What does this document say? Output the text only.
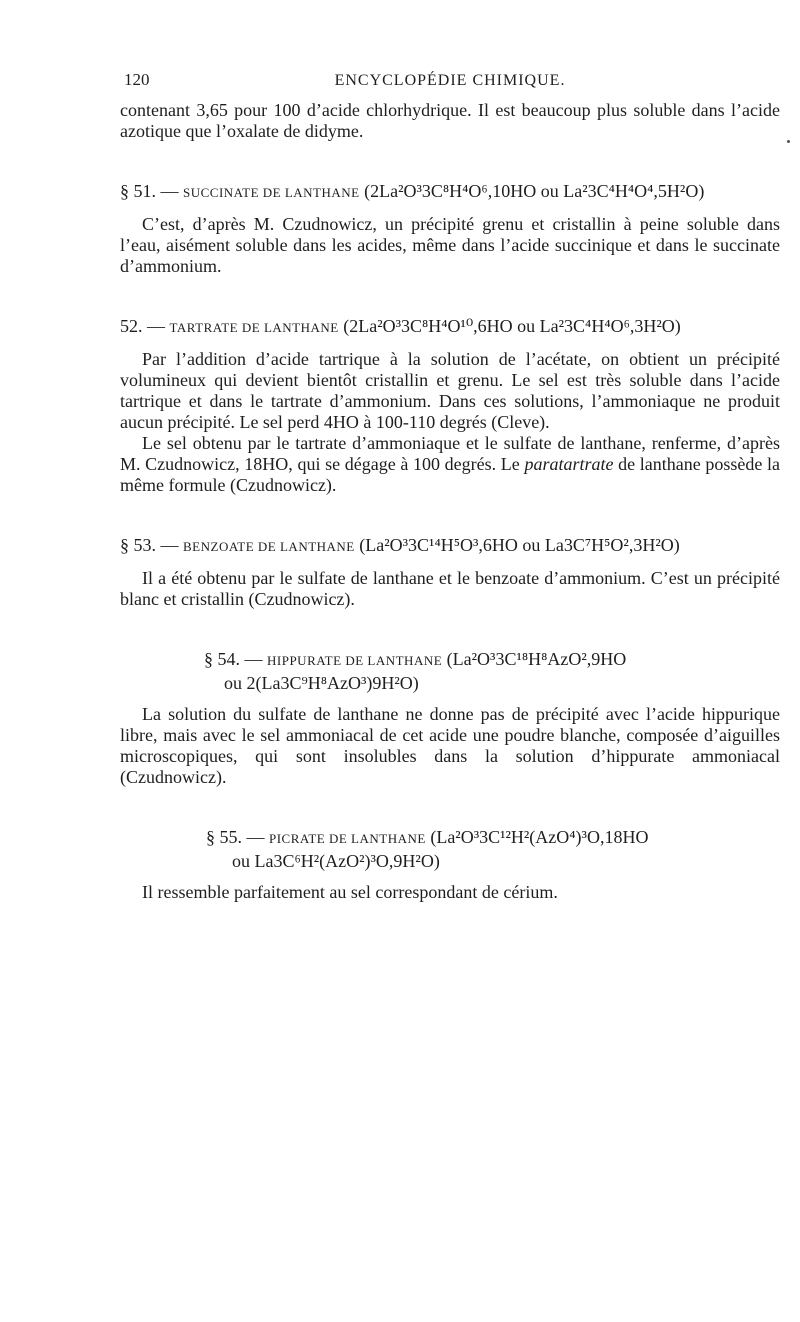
120	ENCYCLOPÉDIE CHIMIQUE.

contenant 3,65 pour 100 d’acide chlorhydrique. Il est beaucoup plus soluble dans l’acide azotique que l’oxalate de didyme.

§ 51. — SUCCINATE DE LANTHANE (2La²O³3C⁸H⁴O⁶,10HO ou La²3C⁴H⁴O⁴,5H²O)

C’est, d’après M. Czudnowicz, un précipité grenu et cristallin à peine soluble dans l’eau, aisément soluble dans les acides, même dans l’acide succinique et dans le succinate d’ammonium.

52. — TARTRATE DE LANTHANE (2La²O³3C⁸H⁴O¹⁰,6HO ou La²3C⁴H⁴O⁶,3H²O)

Par l’addition d’acide tartrique à la solution de l’acétate, on obtient un précipité volumineux qui devient bientôt cristallin et grenu. Le sel est très soluble dans l’acide tartrique et dans le tartrate d’ammonium. Dans ces solutions, l’ammoniaque ne produit aucun précipité. Le sel perd 4HO à 100-110 degrés (Cleve).

Le sel obtenu par le tartrate d’ammoniaque et le sulfate de lanthane, renferme, d’après M. Czudnowicz, 18HO, qui se dégage à 100 degrés. Le paratartrate de lanthane possède la même formule (Czudnowicz).

§ 53. — BENZOATE DE LANTHANE (La²O³3C¹⁴H⁵O³,6HO ou La3C⁷H⁵O²,3H²O)

Il a été obtenu par le sulfate de lanthane et le benzoate d’ammonium. C’est un précipité blanc et cristallin (Czudnowicz).

§ 54. — HIPPURATE DE LANTHANE (La²O³3C¹⁸H⁸AzO²,9HO
ou 2(La3C⁹H⁸AzO³)9H²O)

La solution du sulfate de lanthane ne donne pas de précipité avec l’acide hippurique libre, mais avec le sel ammoniacal de cet acide une poudre blanche, composée d’aiguilles microscopiques, qui sont insolubles dans la solution d’hippurate ammoniacal (Czudnowicz).

§ 55. — PICRATE DE LANTHANE (La²O³3C¹²H²(AzO⁴)³O,18HO
ou La3C⁶H²(AzO²)³O,9H²O)

Il ressemble parfaitement au sel correspondant de cérium.
